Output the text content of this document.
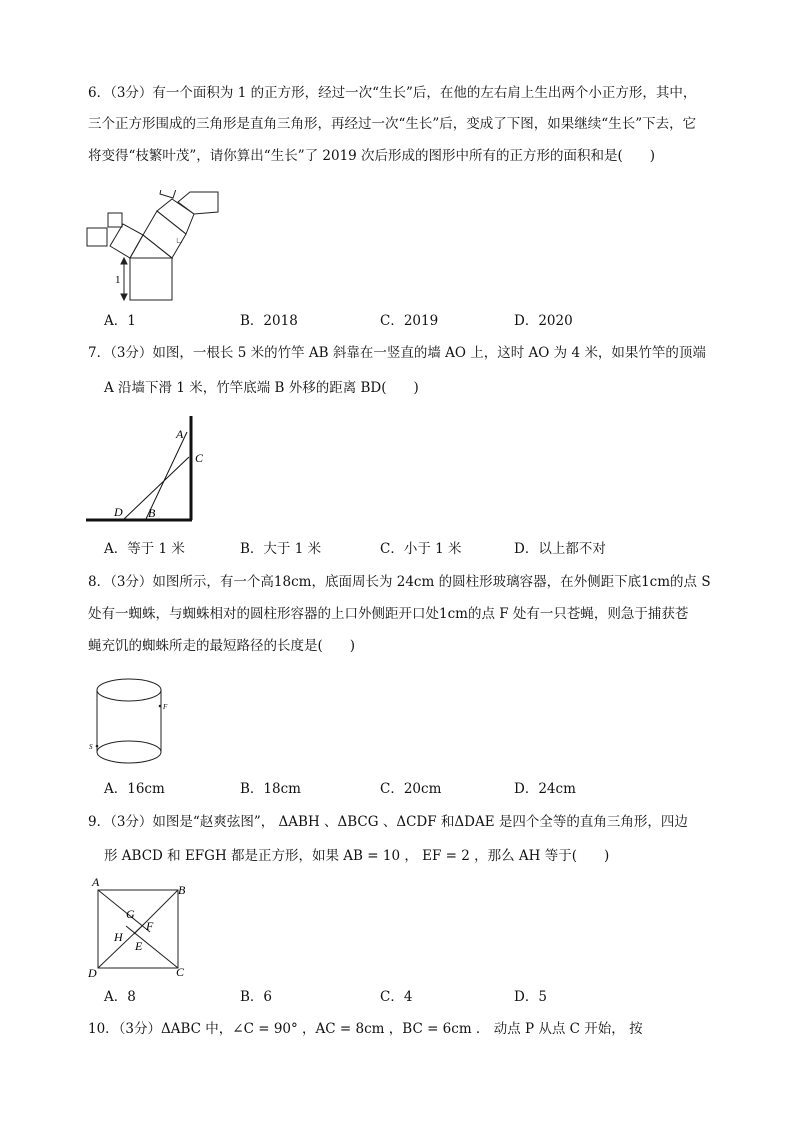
6．（3分）有一个面积为 1 的正方形，经过一次“生长”后，在他的左右肩上生出两个小正方形，其中，
三个正方形围成的三角形是直角三角形，再经过一次“生长”后，变成了下图，如果继续“生长”下去，它
将变得“枝繁叶茂”，请你算出“生长”了 2019 次后形成的图形中所有的正方形的面积和是(　　)
1
∟
A．1	B．2018	C．2019	D．2020
7．（3分）如图，一根长 5 米的竹竿 AB 斜靠在一竖直的墙 AO 上，这时 AO 为 4 米，如果竹竿的顶端
A 沿墙下滑 1 米，竹竿底端 B 外移的距离 BD(　　)
A
C
D B
A．等于 1 米	B．大于 1 米	C．小于 1 米	D．以上都不对
8．（3分）如图所示，有一个高18cm，底面周长为 24cm 的圆柱形玻璃容器，在外侧距下底1cm的点 S
处有一蜘蛛，与蜘蛛相对的圆柱形容器的上口外侧距开口处1cm的点 F 处有一只苍蝇，则急于捕获苍
蝇充饥的蜘蛛所走的最短路径的长度是(　　)
F
S
A．16cm	B．18cm	C．20cm	D．24cm
9．（3分）如图是“赵爽弦图”， ΔABH 、ΔBCG 、ΔCDF 和ΔDAE 是四个全等的直角三角形，四边
形 ABCD 和 EFGH 都是正方形，如果 AB = 10 ， EF = 2 ，那么 AH 等于(　　)
A
B
C
D
E
F
G
H
A．8	B．6	C．4	D．5
10．（3分）ΔABC 中，∠C = 90° ，AC = 8cm ，BC = 6cm ． 动点 P 从点 C 开始， 按
